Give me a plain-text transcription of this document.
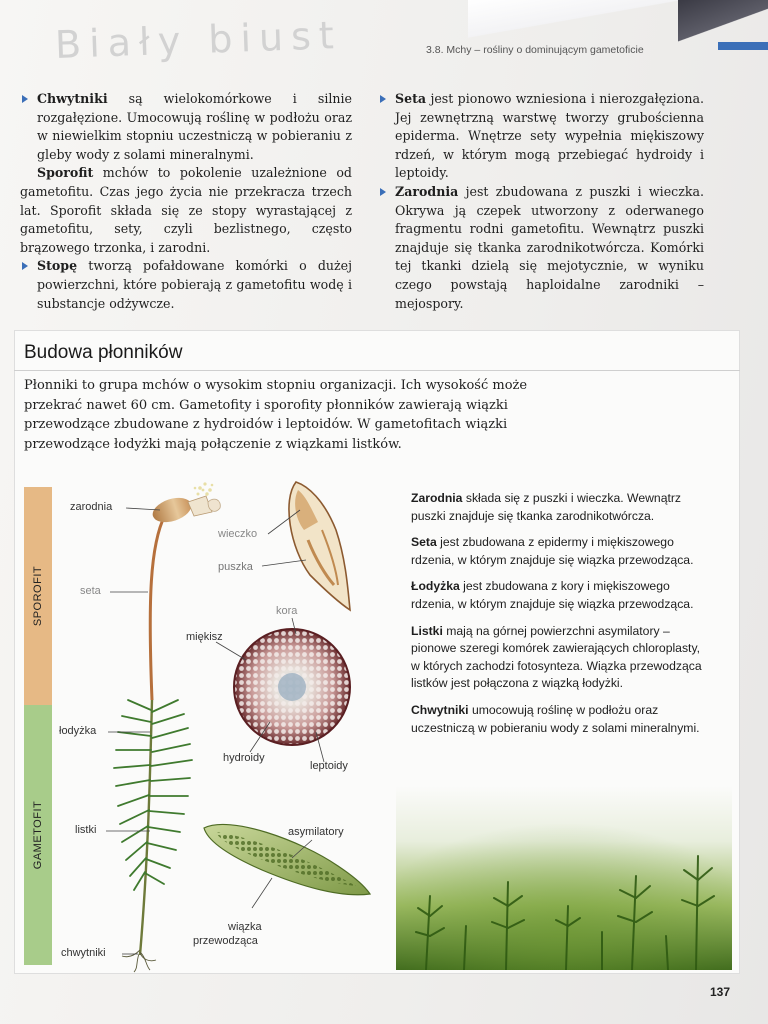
Biały biust	3.8. Mchy – rośliny o dominującym gametoficie

Chwytniki są wielokomórkowe i silnie rozgałęzione. Umocowują roślinę w podłożu oraz w niewielkim stopniu uczestniczą w pobieraniu z gleby wody z solami mineralnymi.

Sporofit mchów to pokolenie uzależnione od gametofitu. Czas jego życia nie przekracza trzech lat. Sporofit składa się ze stopy wyrastającej z gametofitu, sety, czyli bezlistnego, często brązowego trzonka, i zarodni.

Stopę tworzą pofałdowane komórki o dużej powierzchni, które pobierają z gametofitu wodę i substancje odżywcze.

Seta jest pionowo wzniesiona i nierozgałęziona. Jej zewnętrzną warstwę tworzy grubościenna epiderma. Wnętrze sety wypełnia miękiszowy rdzeń, w którym mogą przebiegać hydroidy i leptoidy.

Zarodnia jest zbudowana z puszki i wieczka. Okrywa ją czepek utworzony z oderwanego fragmentu rodni gametofitu. Wewnątrz puszki znajduje się tkanka zarodnikotwórcza. Komórki tej tkanki dzielą się mejotycznie, w wyniku czego powstają haploidalne zarodniki – mejospory.

Budowa płonników
Płonniki to grupa mchów o wysokim stopniu organizacji. Ich wysokość może przekrać nawet 60 cm. Gametofity i sporofity płonników zawierają wiązki przewodzące zbudowane z hydroidów i leptoidów. W gametofitach wiązki przewodzące łodyżki mają połączenie z wiązkami listków.
SPOROFIT
GAMETOFIT
zarodnia
seta
łodyżka
listki
chwytniki
wieczko
puszka
kora
miękisz
hydroidy
leptoidy
asymilatory
wiązka
przewodząca

Zarodnia składa się z puszki i wieczka. Wewnątrz puszki znajduje się tkanka zarodnikotwórcza.

Seta jest zbudowana z epidermy i miękiszowego rdzenia, w którym znajduje się wiązka przewodząca.

Łodyżka jest zbudowana z kory i miękiszowego rdzenia, w którym znajduje się wiązka przewodząca.

Listki mają na górnej powierzchni asymilatory – pionowe szeregi komórek zawierających chloroplasty, w których zachodzi fotosynteza. Wiązka przewodząca listków jest połączona z wiązką łodyżki.

Chwytniki umocowują roślinę w podłożu oraz uczestniczą w pobieraniu wody z solami mineralnymi.

137
